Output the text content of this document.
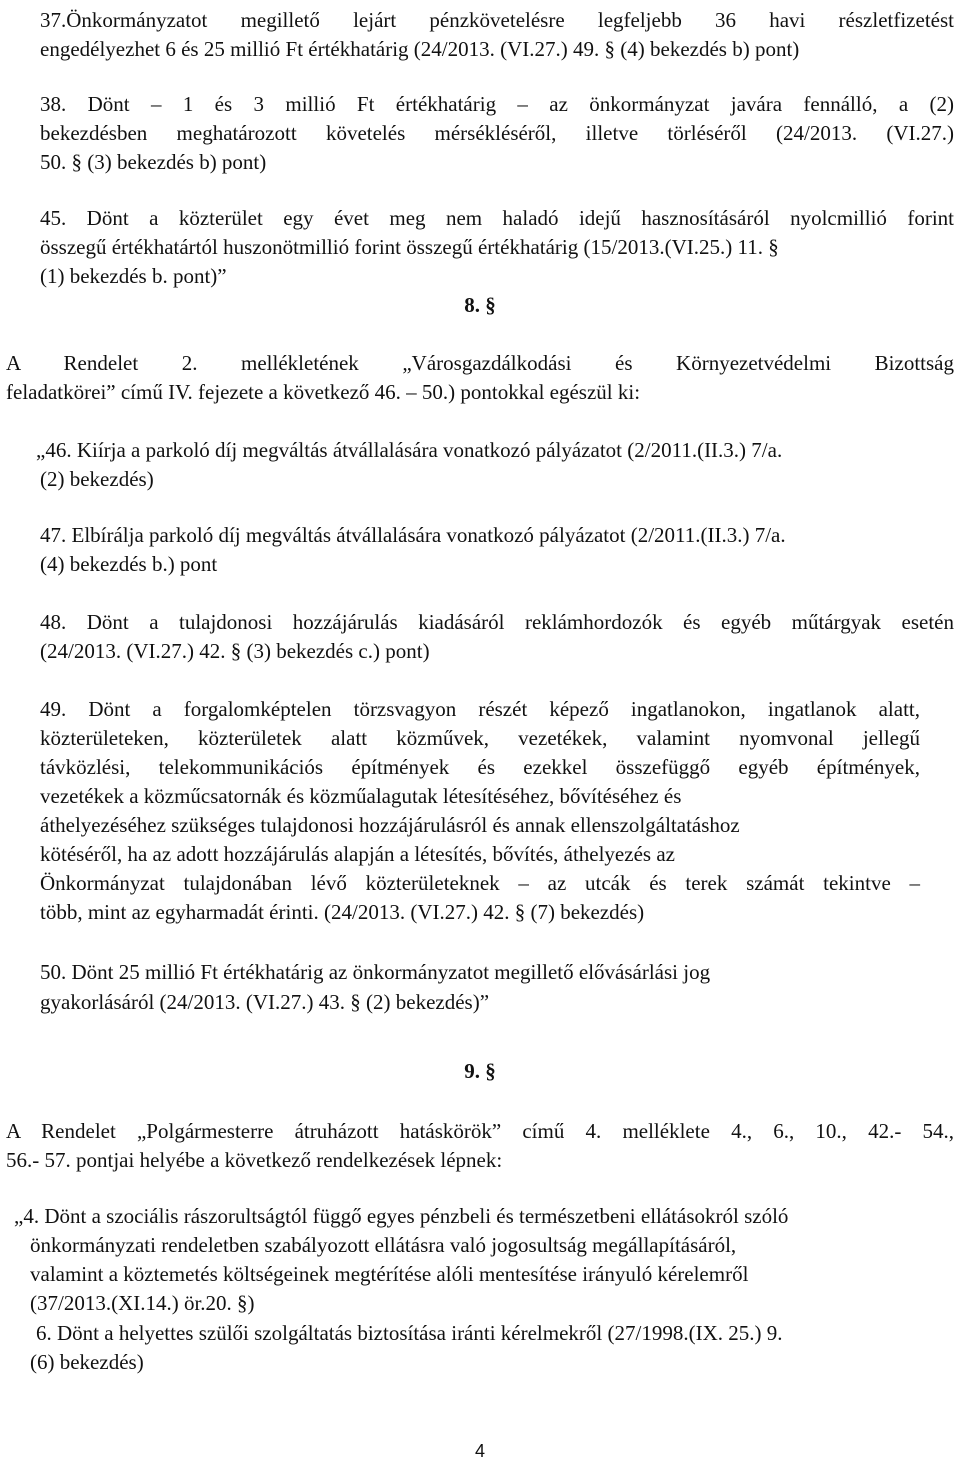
37.Önkormányzatot megillető lejárt pénzkövetelésre legfeljebb 36 havi részletfizetést
engedélyezhet 6 és 25 millió Ft értékhatárig (24/2013. (VI.27.) 49. § (4) bekezdés b) pont)
38. Dönt – 1 és 3 millió Ft értékhatárig – az önkormányzat javára fennálló, a (2)
bekezdésben meghatározott követelés mérsékléséről, illetve törléséről (24/2013. (VI.27.)
50. § (3) bekezdés b) pont)
45. Dönt a közterület egy évet meg nem haladó idejű hasznosításáról nyolcmillió forint
összegű értékhatártól huszonötmillió forint összegű értékhatárig (15/2013.(VI.25.) 11. §
(1) bekezdés b. pont)”
8. §
A Rendelet 2. mellékletének „Városgazdálkodási és Környezetvédelmi Bizottság
feladatkörei” című IV. fejezete a következő 46. – 50.) pontokkal egészül ki:
„46. Kiírja a parkoló díj megváltás átvállalására vonatkozó pályázatot (2/2011.(II.3.) 7/a.
(2) bekezdés)
47. Elbírálja parkoló díj megváltás átvállalására vonatkozó pályázatot (2/2011.(II.3.) 7/a.
(4) bekezdés b.) pont
48. Dönt a tulajdonosi hozzájárulás kiadásáról reklámhordozók és egyéb műtárgyak esetén
(24/2013. (VI.27.) 42. § (3) bekezdés c.) pont)
49. Dönt a forgalomképtelen törzsvagyon részét képező ingatlanokon, ingatlanok alatt,
közterületeken, közterületek alatt közművek, vezetékek, valamint nyomvonal jellegű
távközlési, telekommunikációs építmények és ezekkel összefüggő egyéb építmények,
vezetékek a közműcsatornák és közműalagutak létesítéséhez, bővítéséhez és
áthelyezéséhez szükséges tulajdonosi hozzájárulásról és annak ellenszolgáltatáshoz
kötéséről, ha az adott hozzájárulás alapján a létesítés, bővítés, áthelyezés az
Önkormányzat tulajdonában lévő közterületeknek – az utcák és terek számát tekintve –
több, mint az egyharmadát érinti. (24/2013. (VI.27.) 42. § (7) bekezdés)
50. Dönt 25 millió Ft értékhatárig az önkormányzatot megillető elővásárlási jog
gyakorlásáról (24/2013. (VI.27.) 43. § (2) bekezdés)”
9. §
A Rendelet „Polgármesterre átruházott hatáskörök” című 4. melléklete 4., 6., 10., 42.- 54.,
56.- 57. pontjai helyébe a következő rendelkezések lépnek:
„4. Dönt a szociális rászorultságtól függő egyes pénzbeli és természetbeni ellátásokról szóló
önkormányzati rendeletben szabályozott ellátásra való jogosultság megállapításáról,
valamint a köztemetés költségeinek megtérítése alóli mentesítése irányuló kérelemről
(37/2013.(XI.14.) ör.20. §)
6. Dönt a helyettes szülői szolgáltatás biztosítása iránti kérelmekről (27/1998.(IX. 25.) 9.
(6) bekezdés)
4
